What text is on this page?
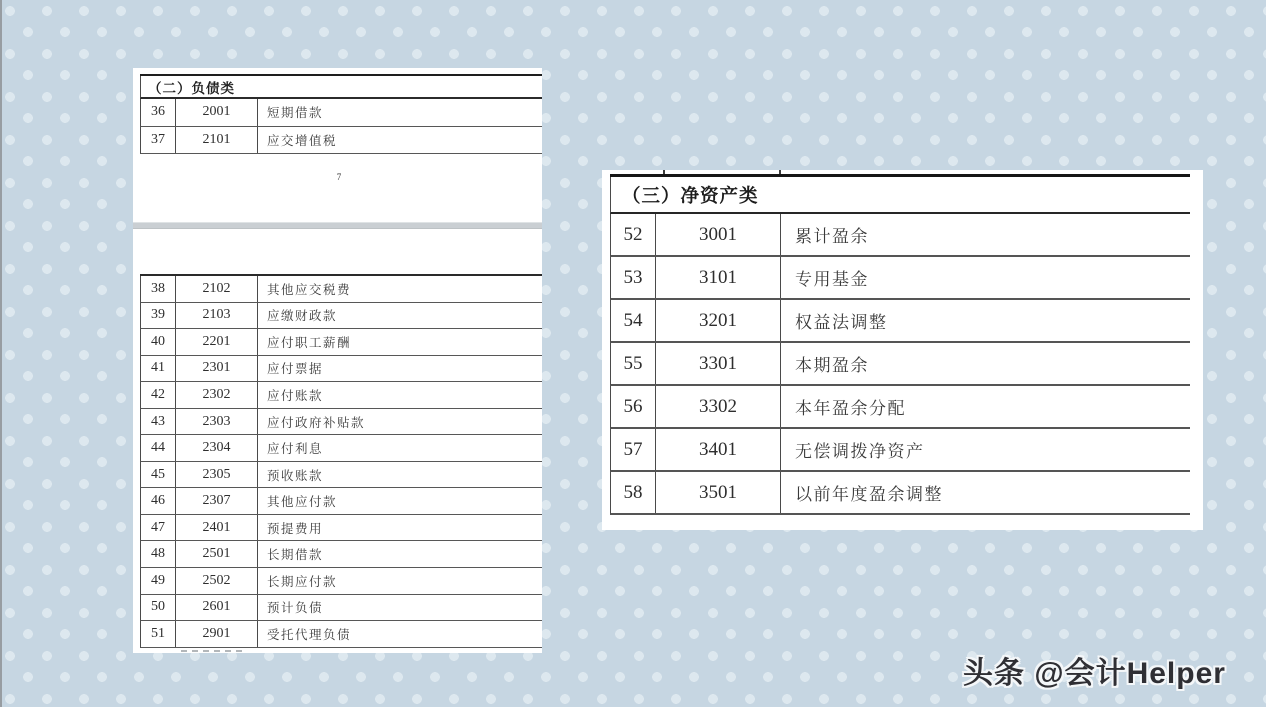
（二）负债类
36	2001	短期借款
37	2101	应交增值税
7
38	2102	其他应交税费
39	2103	应缴财政款
40	2201	应付职工薪酬
41	2301	应付票据
42	2302	应付账款
43	2303	应付政府补贴款
44	2304	应付利息
45	2305	预收账款
46	2307	其他应付款
47	2401	预提费用
48	2501	长期借款
49	2502	长期应付款
50	2601	预计负债
51	2901	受托代理负债
（三）净资产类
52	3001	累计盈余
53	3101	专用基金
54	3201	权益法调整
55	3301	本期盈余
56	3302	本年盈余分配
57	3401	无偿调拨净资产
58	3501	以前年度盈余调整
头条 @会计Helper
